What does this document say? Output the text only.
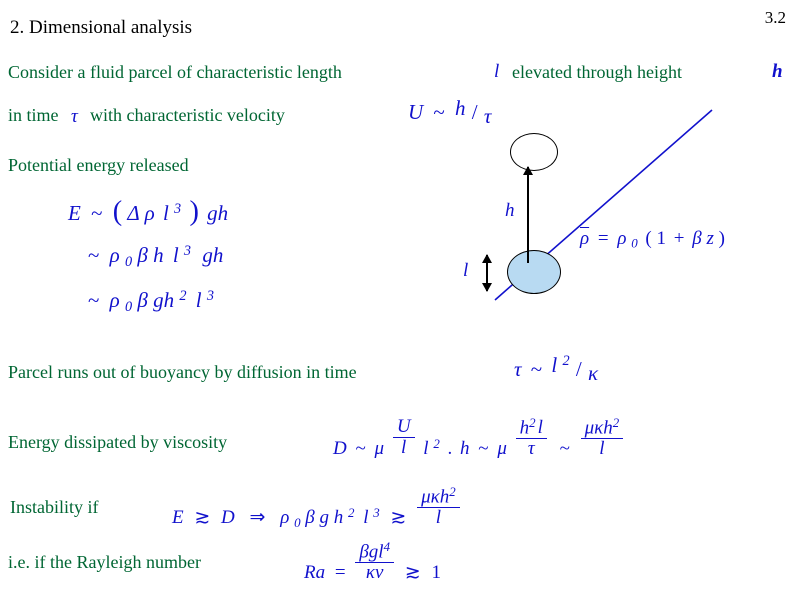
3.2
2. Dimensional analysis
Consider a fluid parcel of characteristic length	l elevated through height	h
in time τ with characteristic velocity	U ~ h / τ
Potential energy released
E ~ ( Δ ρ l $^3$ ) gh
~ ρ $_0$ β h l $^3$ gh
~ ρ $_0$ β gh $^2$ l $^3$
h
l
$\overline{\rho} = \rho$ $_0$ ( 1 + β z )
Parcel runs out of buoyancy by diffusion in time	τ ~ l $^2$ / κ
Energy dissipated by viscosity	D ~ μ $\frac{U}{l}$ l $_2$ . h ~ μ $\frac{h^2 l}{\tau}$ ~ $\frac{\mu\kappa h^2}{l}$
Instability if
E ≳ D ⇒ ρ $_0$ β g h $_2$ l $_3$ ≳ $\frac{\mu\kappa h^2}{l}$
i.e. if the Rayleigh number
$Ra = \frac{\beta gl^4}{\kappa\nu}$ ≳ 1
